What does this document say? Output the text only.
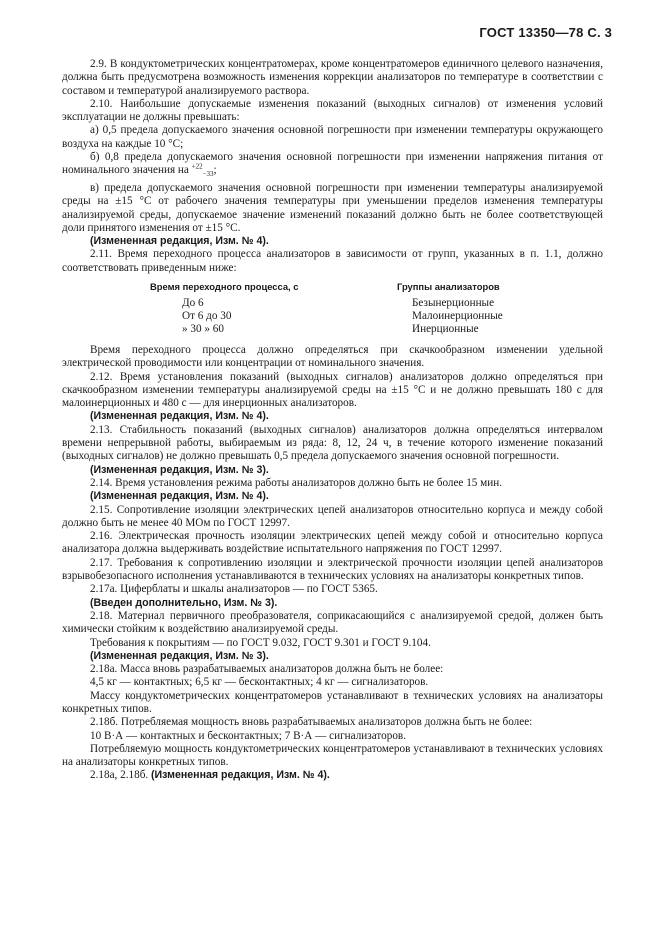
ГОСТ 13350—78 С. 3

2.9. В кондуктометрических концентратомерах, кроме концентратомеров единичного целевого назначения, должна быть предусмотрена возможность изменения коррекции анализаторов по температуре в соответствии с составом и температурой анализируемого раствора.

2.10. Наибольшие допускаемые изменения показаний (выходных сигналов) от изменения условий эксплуатации не должны превышать:

а) 0,5 предела допускаемого значения основной погрешности при изменении температуры окружающего воздуха на каждые 10 °С;

б) 0,8 предела допускаемого значения основной погрешности при изменении напряжения питания от номинального значения на $^{+22}_{-33}$;

в) предела допускаемого значения основной погрешности при изменении температуры анализируемой среды на ±15 °С от рабочего значения температуры при уменьшении пределов изменения температуры анализируемой среды, допускаемое значение изменений показаний должно быть не более соответствующей доли принятого изменения от ±15 °С.

(Измененная редакция, Изм. № 4).

2.11. Время переходного процесса анализаторов в зависимости от групп, указанных в п. 1.1, должно соответствовать приведенным ниже:

Время переходного процесса, с	Группы анализаторов
До 6
От 6 до 30
» 30 » 60
Безынерционные
Малоинерционные
Инерционные

Время переходного процесса должно определяться при скачкообразном изменении удельной электрической проводимости или концентрации от номинального значения.

2.12. Время установления показаний (выходных сигналов) анализаторов должно определяться при скачкообразном изменении температуры анализируемой среды на ±15 °С и не должно превышать 180 с для малоинерционных и 480 с — для инерционных анализаторов.

(Измененная редакция, Изм. № 4).

2.13. Стабильность показаний (выходных сигналов) анализаторов должна определяться интервалом времени непрерывной работы, выбираемым из ряда: 8, 12, 24 ч, в течение которого изменение показаний (выходных сигналов) не должно превышать 0,5 предела допускаемого значения основной погрешности.

(Измененная редакция, Изм. № 3).

2.14. Время установления режима работы анализаторов должно быть не более 15 мин.

(Измененная редакция, Изм. № 4).

2.15. Сопротивление изоляции электрических цепей анализаторов относительно корпуса и между собой должно быть не менее 40 МОм по ГОСТ 12997.

2.16. Электрическая прочность изоляции электрических цепей между собой и относительно корпуса анализатора должна выдерживать воздействие испытательного напряжения по ГОСТ 12997.

2.17. Требования к сопротивлению изоляции и электрической прочности изоляции цепей анализаторов взрывобезопасного исполнения устанавливаются в технических условиях на анализаторы конкретных типов.

2.17а. Циферблаты и шкалы анализаторов — по ГОСТ 5365.

(Введен дополнительно, Изм. № 3).

2.18. Материал первичного преобразователя, соприкасающийся с анализируемой средой, должен быть химически стойким к воздействию анализируемой среды.

Требования к покрытиям — по ГОСТ 9.032, ГОСТ 9.301 и ГОСТ 9.104.

(Измененная редакция, Изм. № 3).

2.18а. Масса вновь разрабатываемых анализаторов должна быть не более:

4,5 кг — контактных; 6,5 кг — бесконтактных; 4 кг — сигнализаторов.

Массу кондуктометрических концентратомеров устанавливают в технических условиях на анализаторы конкретных типов.

2.18б. Потребляемая мощность вновь разрабатываемых анализаторов должна быть не более:

10 В·А — контактных и бесконтактных; 7 В·А — сигнализаторов.

Потребляемую мощность кондуктометрических концентратомеров устанавливают в технических условиях на анализаторы конкретных типов.

2.18а, 2.18б. (Измененная редакция, Изм. № 4).
